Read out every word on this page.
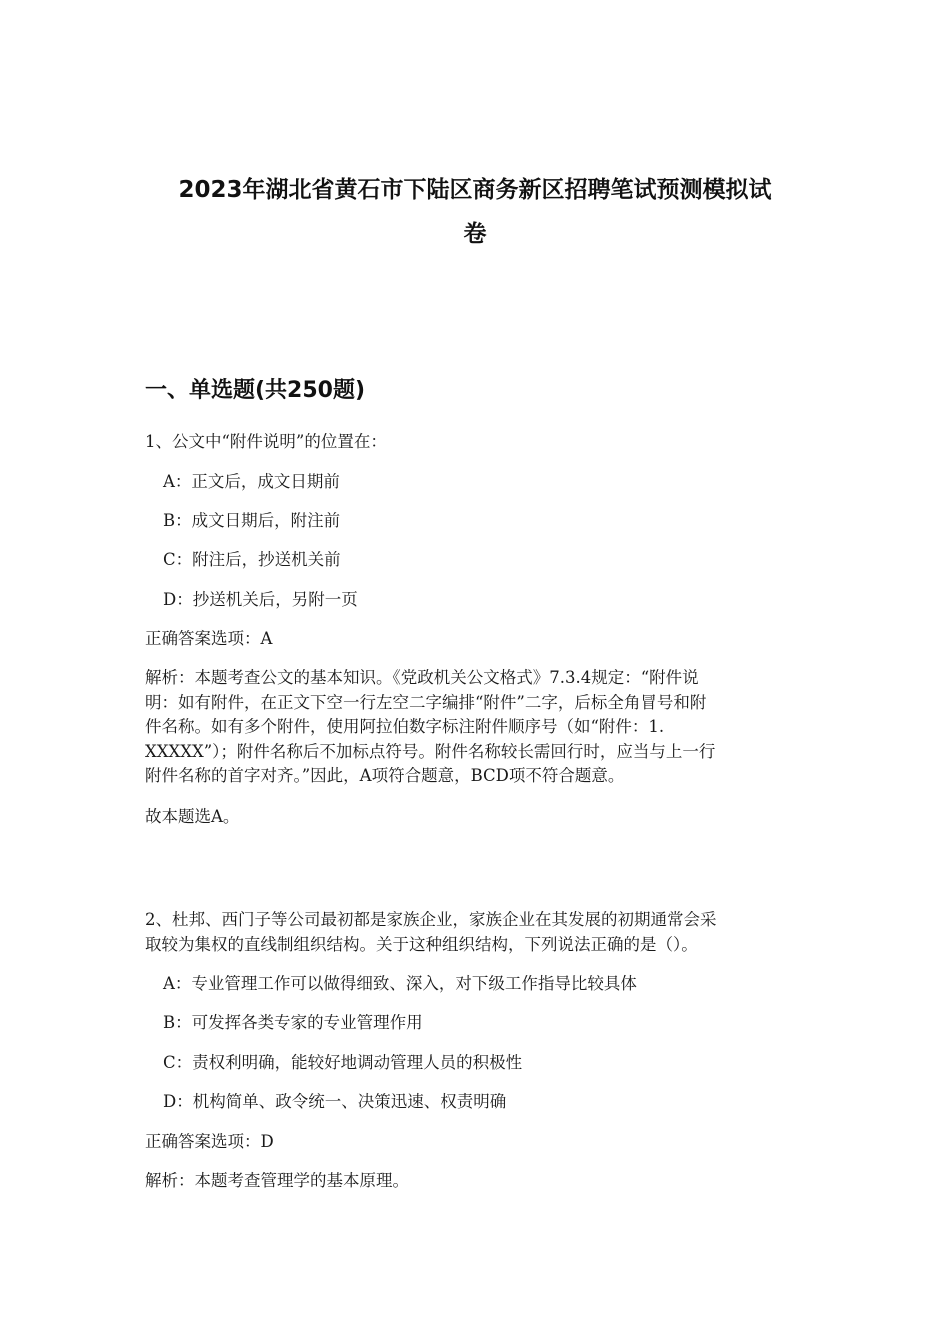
2023年湖北省黄石市下陆区商务新区招聘笔试预测模拟试
卷
一、单选题(共250题)

1、公文中“附件说明”的位置在：

A：正文后，成文日期前

B：成文日期后，附注前

C：附注后，抄送机关前

D：抄送机关后，另附一页

正确答案选项：A

解析：本题考查公文的基本知识。《党政机关公文格式》7.3.4规定：“附件说
明：如有附件，在正文下空一行左空二字编排“附件”二字，后标全角冒号和附
件名称。如有多个附件，使用阿拉伯数字标注附件顺序号（如“附件：1.
XXXXX”）；附件名称后不加标点符号。附件名称较长需回行时，应当与上一行
附件名称的首字对齐。”因此，A项符合题意，BCD项不符合题意。

故本题选A。

2、杜邦、西门子等公司最初都是家族企业，家族企业在其发展的初期通常会采
取较为集权的直线制组织结构。关于这种组织结构，下列说法正确的是（）。

A：专业管理工作可以做得细致、深入，对下级工作指导比较具体

B：可发挥各类专家的专业管理作用

C：责权利明确，能较好地调动管理人员的积极性

D：机构简单、政令统一、决策迅速、权责明确

正确答案选项：D

解析：本题考查管理学的基本原理。
